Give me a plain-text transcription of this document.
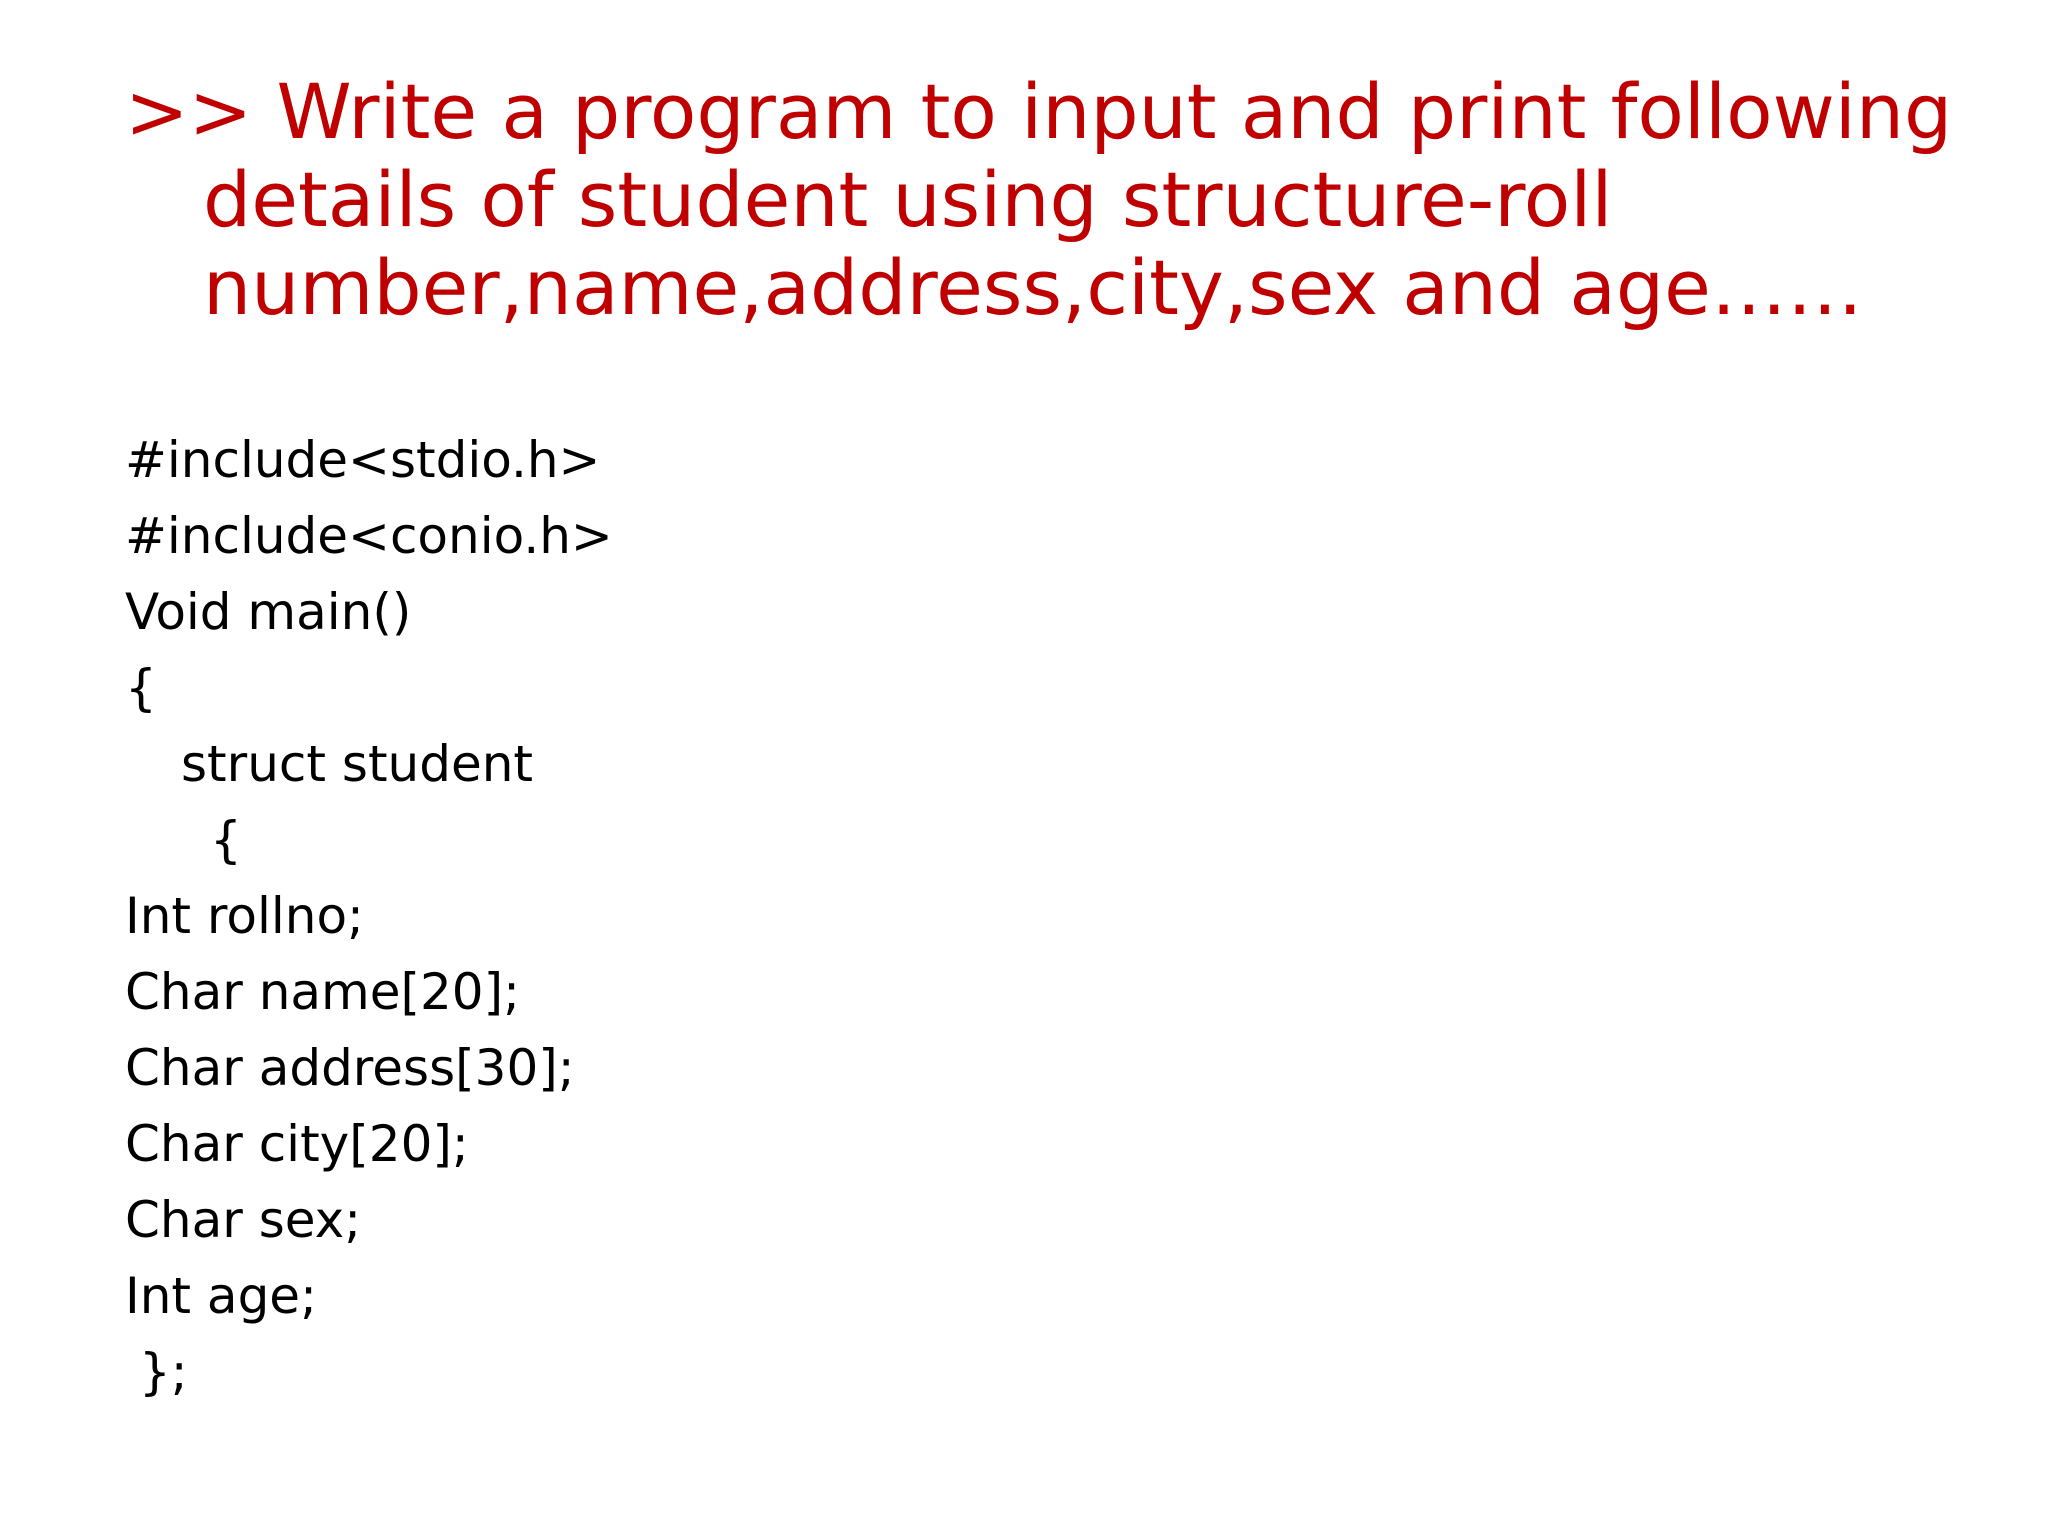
>> Write a program to input and print following
details of student using structure-roll
number,name,address,city,sex and age……
#include<stdio.h>
#include<conio.h>
Void main()
{
struct student
{
Int rollno;
Char name[20];
Char address[30];
Char city[20];
Char sex;
Int age;
};
